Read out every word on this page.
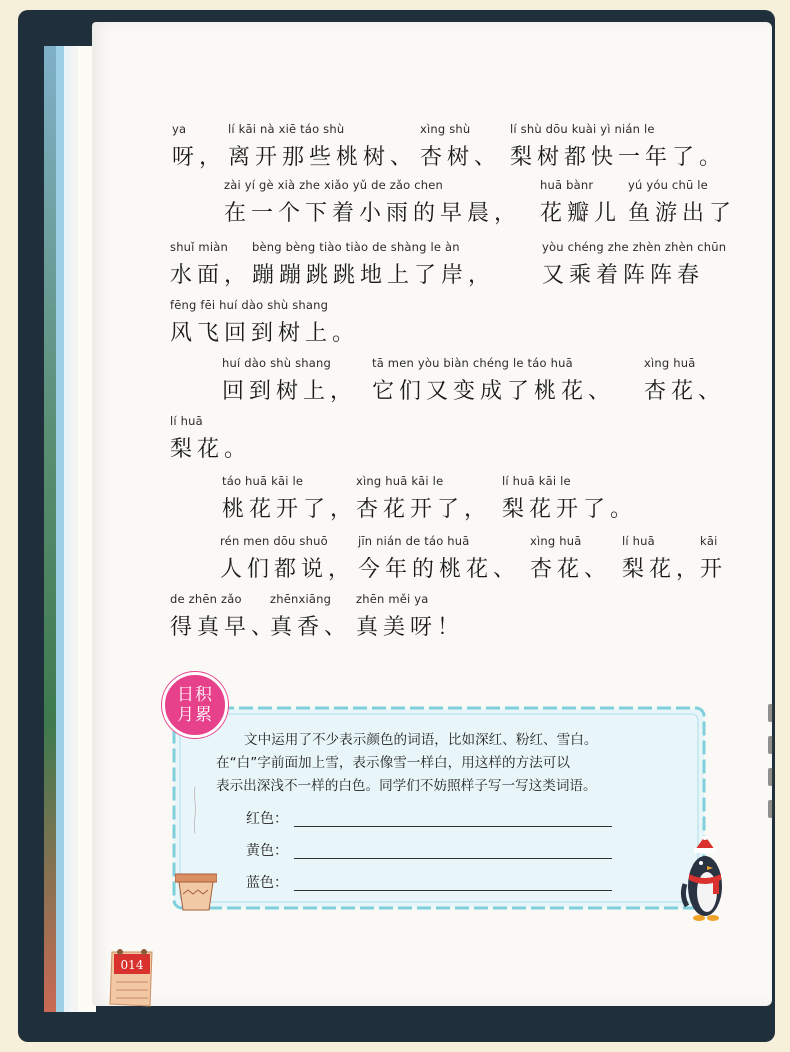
ya
呀，
lí kāi nà xiē táo shù
离开那些桃树、
xìng shù
杏树、
lí shù dōu kuài yì nián le
梨树都快一年了。
zài yí gè xià zhe xiǎo yǔ de zǎo chen
在一个下着小雨的早晨，
huā bànr
花瓣儿
yú yóu chū le
鱼游出了
shuǐ miàn
水面，
bèng bèng tiào tiào de shàng le àn
蹦蹦跳跳地上了岸，
yòu chéng zhe zhèn zhèn chūn
又乘着阵阵春
fēng fēi huí dào shù shang
风飞回到树上。
huí dào shù shang
回到树上，
tā men yòu biàn chéng le táo huā
它们又变成了桃花、
xìng huā
杏花、
lí huā
梨花。
táo huā kāi le
桃花开了，
xìng huā kāi le
杏花开了，
lí huā kāi le
梨花开了。
rén men dōu shuō
人们都说，
jīn nián de táo huā
今年的桃花、
xìng huā
杏花、
lí huā
梨花，
kāi
开
de zhēn zǎo
得真早、
zhēnxiāng
真香、
zhēn měi ya
真美呀！
日积
月累

文中运用了不少表示颜色的词语，比如深红、粉红、雪白。

在“白”字前面加上雪，表示像雪一样白，用这样的方法可以

表示出深浅不一样的白色。同学们不妨照样子写一写这类词语。

红色：
黄色：
蓝色：
014
